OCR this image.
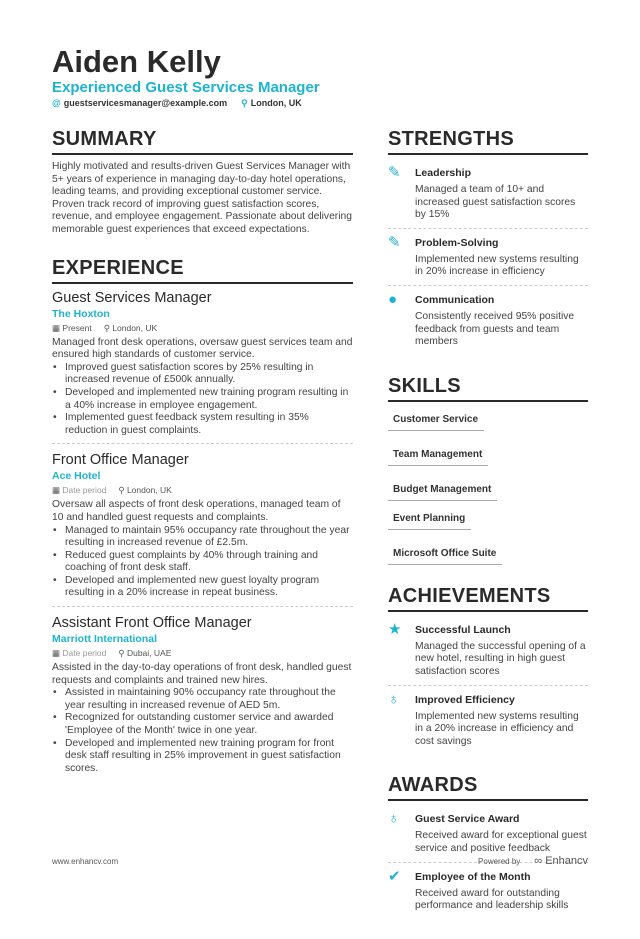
Aiden Kelly
Experienced Guest Services Manager
@ guestservicesmanager@example.com ⚲ London, UK
SUMMARY

Highly motivated and results-driven Guest Services Manager with 5+ years of experience in managing day-to-day hotel operations, leading teams, and providing exceptional customer service. Proven track record of improving guest satisfaction scores, revenue, and employee engagement. Passionate about delivering memorable guest experiences that exceed expectations.

EXPERIENCE
Guest Services Manager
The Hoxton
▦ Present ⚲ London, UK

Managed front desk operations, oversaw guest services team and ensured high standards of customer service.

• Improved guest satisfaction scores by 25% resulting in increased revenue of £500k annually.
• Developed and implemented new training program resulting in a 40% increase in employee engagement.
• Implemented guest feedback system resulting in 35% reduction in guest complaints.
Front Office Manager
Ace Hotel
▦ Date period ⚲ London, UK

Oversaw all aspects of front desk operations, managed team of 10 and handled guest requests and complaints.

• Managed to maintain 95% occupancy rate throughout the year resulting in increased revenue of £2.5m.
• Reduced guest complaints by 40% through training and coaching of front desk staff.
• Developed and implemented new guest loyalty program resulting in a 20% increase in repeat business.
Assistant Front Office Manager
Marriott International
▦ Date period ⚲ Dubai, UAE

Assisted in the day-to-day operations of front desk, handled guest requests and complaints and trained new hires.

• Assisted in maintaining 90% occupancy rate throughout the year resulting in increased revenue of AED 5m.
• Recognized for outstanding customer service and awarded 'Employee of the Month' twice in one year.
• Developed and implemented new training program for front desk staff resulting in 25% improvement in guest satisfaction scores.
STRENGTHS
✎	Leadership

Managed a team of 10+ and increased guest satisfaction scores by 15%

✎	Problem-Solving

Implemented new systems resulting in 20% increase in efficiency

●	Communication

Consistently received 95% positive feedback from guests and team members

SKILLS
Customer Service
Team Management
Budget Management
Event Planning
Microsoft Office Suite
ACHIEVEMENTS
★	Successful Launch

Managed the successful opening of a new hotel, resulting in high guest satisfaction scores

♁	Improved Efficiency

Implemented new systems resulting in a 20% increase in efficiency and cost savings

AWARDS
♁	Guest Service Award

Received award for exceptional guest service and positive feedback

✔	Employee of the Month

Received award for outstanding performance and leadership skills

www.enhancv.com	Powered by ∞ Enhancv
